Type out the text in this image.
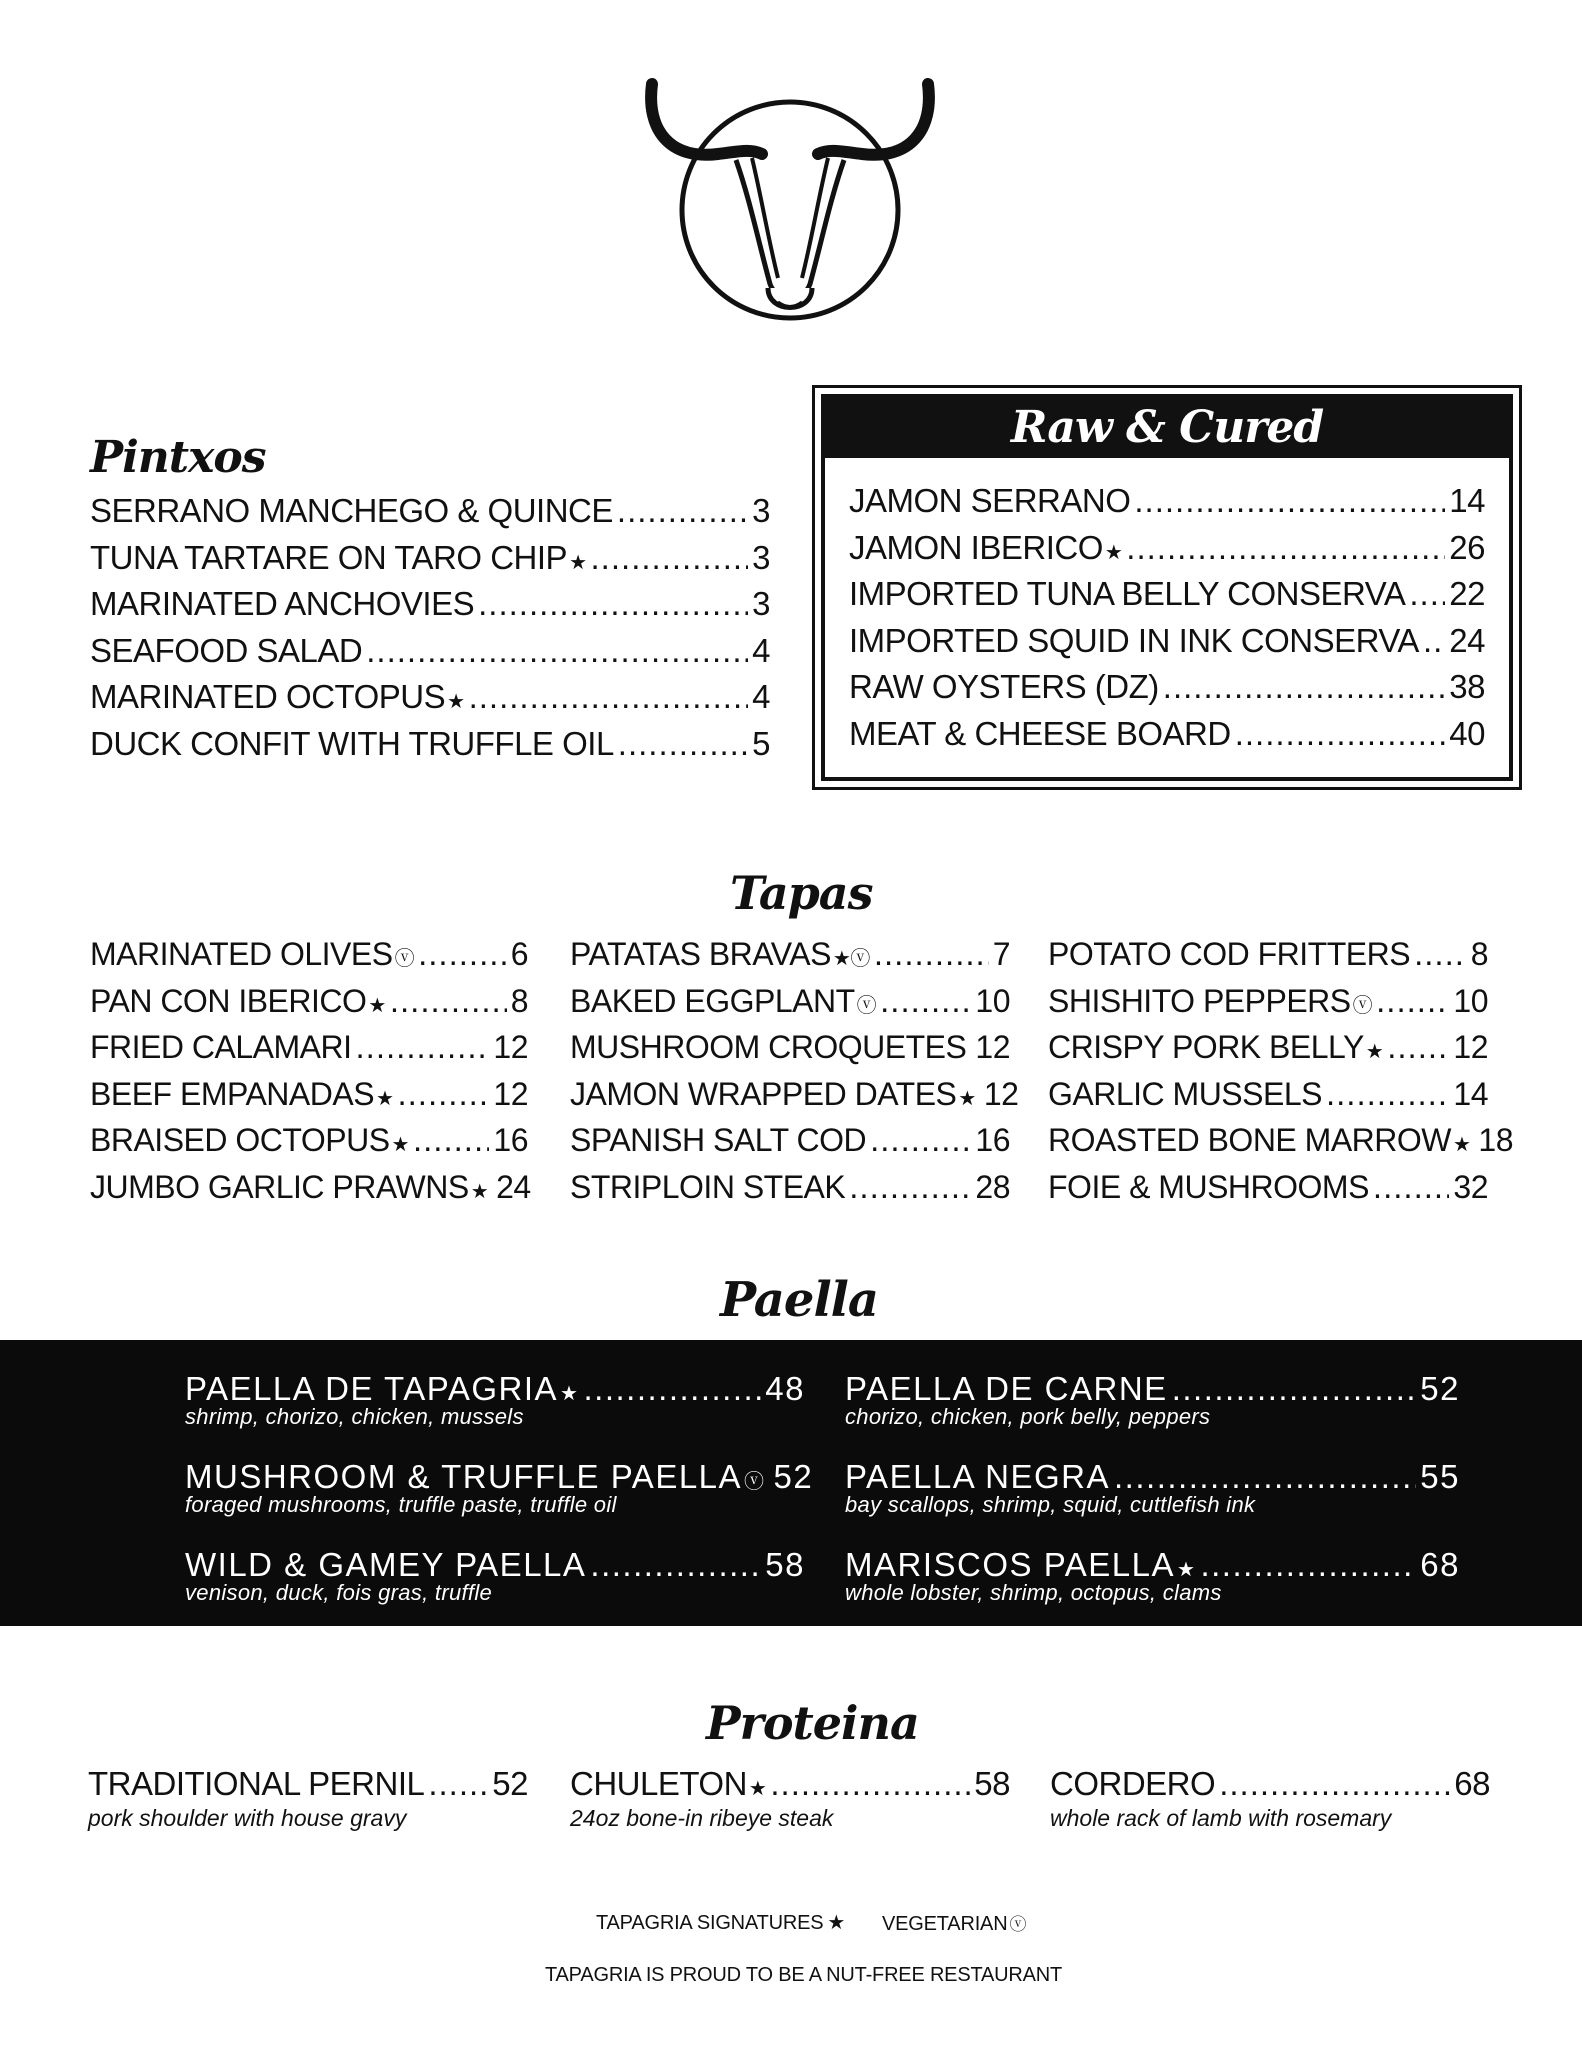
Pintxos
SERRANO MANCHEGO & QUINCE .....	3
TUNA TARTARE ON TARO CHIP ★ .....	3
MARINATED ANCHOVIES .....	3
SEAFOOD SALAD .....	4
MARINATED OCTOPUS ★ .....	4
DUCK CONFIT WITH TRUFFLE OIL .....	5
Raw & Cured
JAMON SERRANO .....	14
JAMON IBERICO ★ .....	26
IMPORTED TUNA BELLY CONSERVA ..... 22
IMPORTED SQUID IN INK CONSERVA ..... 24
RAW OYSTERS (DZ) .....	38
MEAT & CHEESE BOARD .....	40
Tapas
MARINATED OLIVES ⓥ .....	6
PAN CON IBERICO ★ .....	8
FRIED CALAMARI .....	12
BEEF EMPANADAS ★ .....	12
BRAISED OCTOPUS ★ .....	16
JUMBO GARLIC PRAWNS ★ 24
PATATAS BRAVAS ★ⓥ .....	7
BAKED EGGPLANT ⓥ .....	10
MUSHROOM CROQUETES ..... 12
JAMON WRAPPED DATES ★ 12
SPANISH SALT COD .....	16
STRIPLOIN STEAK .....	28
POTATO COD FRITTERS ..... 8
SHISHITO PEPPERS ⓥ .....	10
CRISPY PORK BELLY ★ ..... 12
GARLIC MUSSELS .....	14
ROASTED BONE MARROW ★ 18
FOIE & MUSHROOMS .....	32
Paella
PAELLA DE TAPAGRIA ★ .....	48
shrimp, chorizo, chicken, mussels
PAELLA DE CARNE .....	52
chorizo, chicken, pork belly, peppers
MUSHROOM & TRUFFLE PAELLA ⓥ 52
foraged mushrooms, truffle paste, truffle oil
PAELLA NEGRA .....	55
bay scallops, shrimp, squid, cuttlefish ink
WILD & GAMEY PAELLA .....	58
venison, duck, fois gras, truffle
MARISCOS PAELLA ★ .....	68
whole lobster, shrimp, octopus, clams
Proteina
TRADITIONAL PERNIL ..... 52
pork shoulder with house gravy
CHULETON ★ .....	58
24oz bone-in ribeye steak
CORDERO .....	68
whole rack of lamb with rosemary
TAPAGRIA SIGNATURES ★ VEGETARIAN ⓥ
TAPAGRIA IS PROUD TO BE A NUT-FREE RESTAURANT
